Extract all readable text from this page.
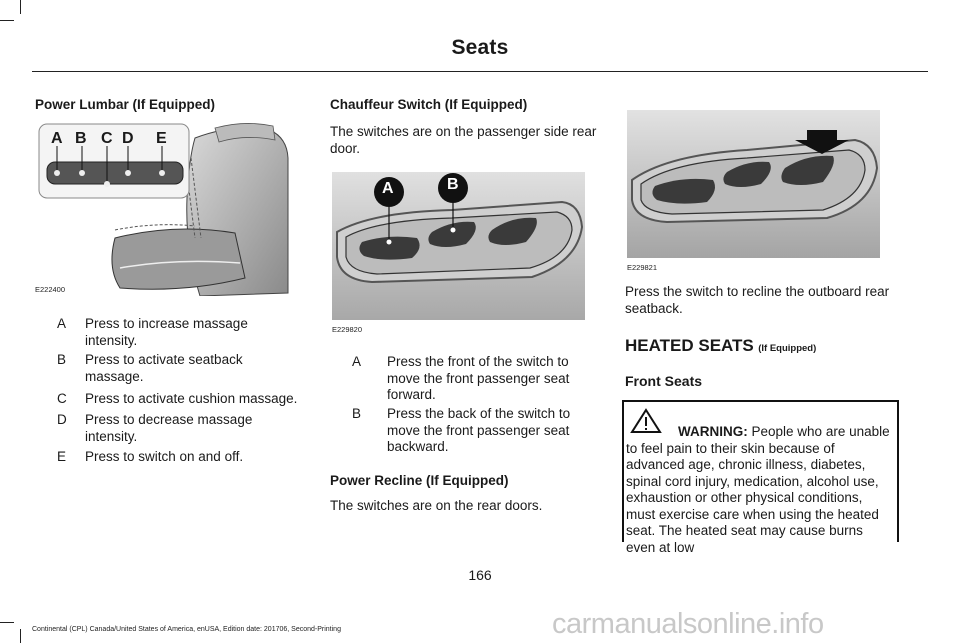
Seats
Power Lumbar (If Equipped)
A B C D E
E222400
A Press to increase massage intensity.
B Press to activate seatback massage.
C Press to activate cushion massage.
D Press to decrease massage intensity.
E Press to switch on and off.
Chauffeur Switch (If Equipped)
The switches are on the passenger side rear door.
A	B
E229820
A Press the front of the switch to move the front passenger seat forward.
B Press the back of the switch to move the front passenger seat backward.
Power Recline (If Equipped)
The switches are on the rear doors.
E229821
Press the switch to recline the outboard rear seatback.
HEATED SEATS (If Equipped)
Front Seats
WARNING: People who are unable to feel pain to their skin because of advanced age, chronic illness, diabetes, spinal cord injury, medication, alcohol use, exhaustion or other physical conditions, must exercise care when using the heated seat. The heated seat may cause burns even at low
166
Continental (CPL) Canada/United States of America, enUSA, Edition date: 201706, Second-Printing	carmanualsonline.info
